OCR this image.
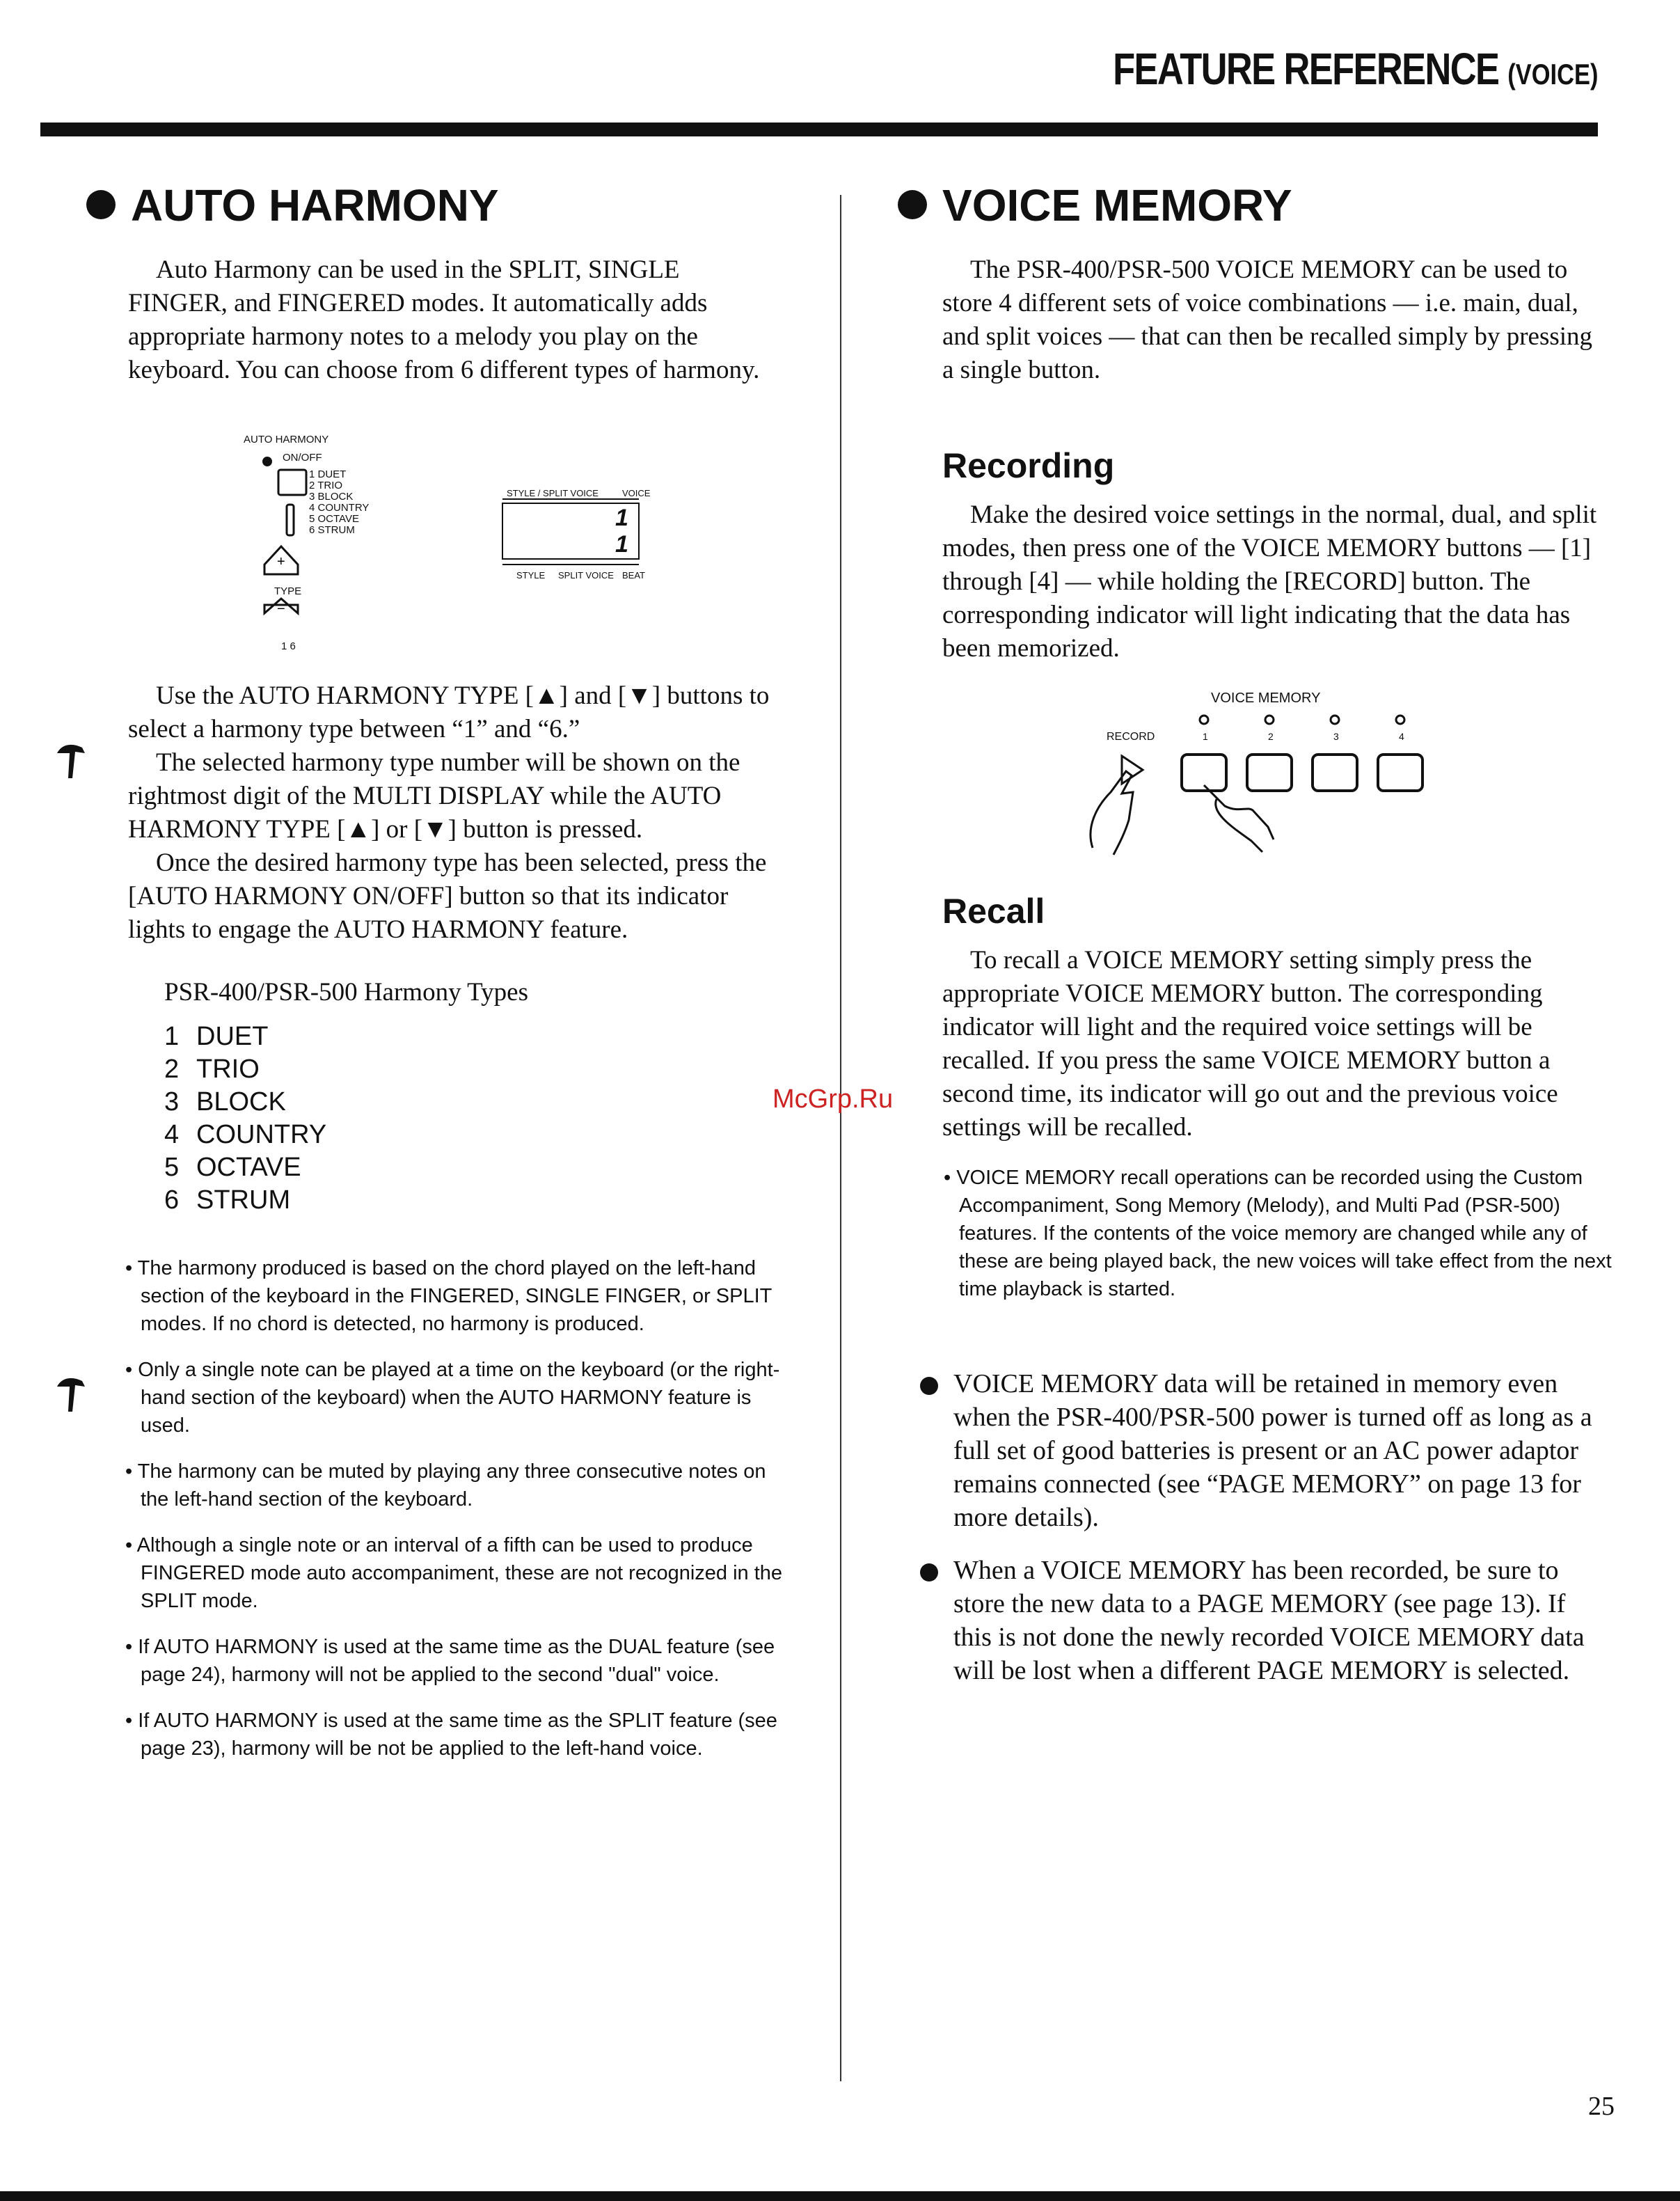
FEATURE REFERENCE (VOICE)
AUTO HARMONY

Auto Harmony can be used in the SPLIT, SINGLE FINGER, and FINGERED modes. It automatically adds appropriate harmony notes to a melody you play on the keyboard. You can choose from 6 different types of harmony.

AUTO HARMONY
ON/OFF
+
−
1 DUET
2 TRIO
3 BLOCK
4 COUNTRY
5 OCTAVE
6 STRUM
TYPE
1 6
STYLE / SPLIT VOICE	VOICE
1
1
STYLE SPLIT VOICE BEAT

Use the AUTO HARMONY TYPE [▲] and [▼] buttons to select a harmony type between “1” and “6.”

The selected harmony type number will be shown on the rightmost digit of the MULTI DISPLAY while the AUTO HARMONY TYPE [▲] or [▼] button is pressed.

Once the desired harmony type has been selected, press the [AUTO HARMONY ON/OFF] button so that its indicator lights to engage the AUTO HARMONY feature.

PSR-400/PSR-500 Harmony Types
1 DUET
2 TRIO
3 BLOCK
4 COUNTRY
5 OCTAVE
6 STRUM
• The harmony produced is based on the chord played on the left-hand section of the keyboard in the FINGERED, SINGLE FINGER, or SPLIT modes. If no chord is detected, no harmony is produced.
• Only a single note can be played at a time on the keyboard (or the right-hand section of the keyboard) when the AUTO HARMONY feature is used.
• The harmony can be muted by playing any three consecutive notes on the left-hand section of the keyboard.
• Although a single note or an interval of a fifth can be used to produce FINGERED mode auto accompaniment, these are not recognized in the SPLIT mode.
• If AUTO HARMONY is used at the same time as the DUAL feature (see page 24), harmony will not be applied to the second "dual" voice.
• If AUTO HARMONY is used at the same time as the SPLIT feature (see page 23), harmony will be not be applied to the left-hand voice.
VOICE MEMORY

The PSR-400/PSR-500 VOICE MEMORY can be used to store 4 different sets of voice combinations — i.e. main, dual, and split voices — that can then be recalled simply by pressing a single button.

Recording

Make the desired voice settings in the normal, dual, and split modes, then press one of the VOICE MEMORY buttons — [1] through [4] — while holding the [RECORD] button. The corresponding indicator will light indicating that the data has been memorized.

VOICE MEMORY
RECORD	1	2	3	4
Recall

To recall a VOICE MEMORY setting simply press the appropriate VOICE MEMORY button. The corresponding indicator will light and the required voice settings will be recalled. If you press the same VOICE MEMORY button a second time, its indicator will go out and the previous voice settings will be recalled.

• VOICE MEMORY recall operations can be recorded using the Custom Accompaniment, Song Memory (Melody), and Multi Pad (PSR-500) features. If the contents of the voice memory are changed while any of these are being played back, the new voices will take effect from the next time playback is started.
VOICE MEMORY data will be retained in memory even when the PSR-400/PSR-500 power is turned off as long as a full set of good batteries is present or an AC power adaptor remains connected (see “PAGE MEMORY” on page 13 for more details).
When a VOICE MEMORY has been recorded, be sure to store the new data to a PAGE MEMORY (see page 13). If this is not done the newly recorded VOICE MEMORY data will be lost when a different PAGE MEMORY is selected.
McGrp.Ru
25
